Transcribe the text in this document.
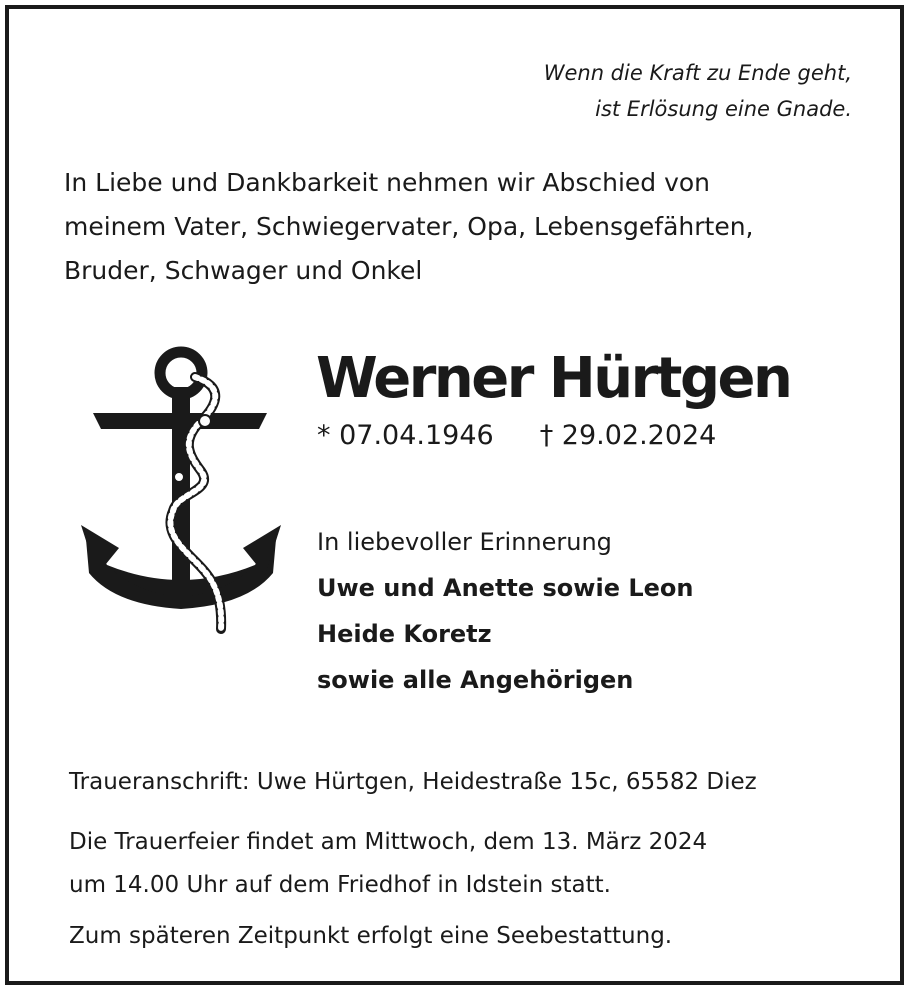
Wenn die Kraft zu Ende geht,
ist Erlösung eine Gnade.
In Liebe und Dankbarkeit nehmen wir Abschied von
meinem Vater, Schwiegervater, Opa, Lebensgefährten,
Bruder, Schwager und Onkel
Werner Hürtgen
* 07.04.1946 † 29.02.2024
In liebevoller Erinnerung
Uwe und Anette sowie Leon
Heide Koretz
sowie alle Angehörigen
Traueranschrift: Uwe Hürtgen, Heidestraße 15c, 65582 Diez
Die Trauerfeier findet am Mittwoch, dem 13. März 2024
um 14.00 Uhr auf dem Friedhof in Idstein statt.
Zum späteren Zeitpunkt erfolgt eine Seebestattung.
